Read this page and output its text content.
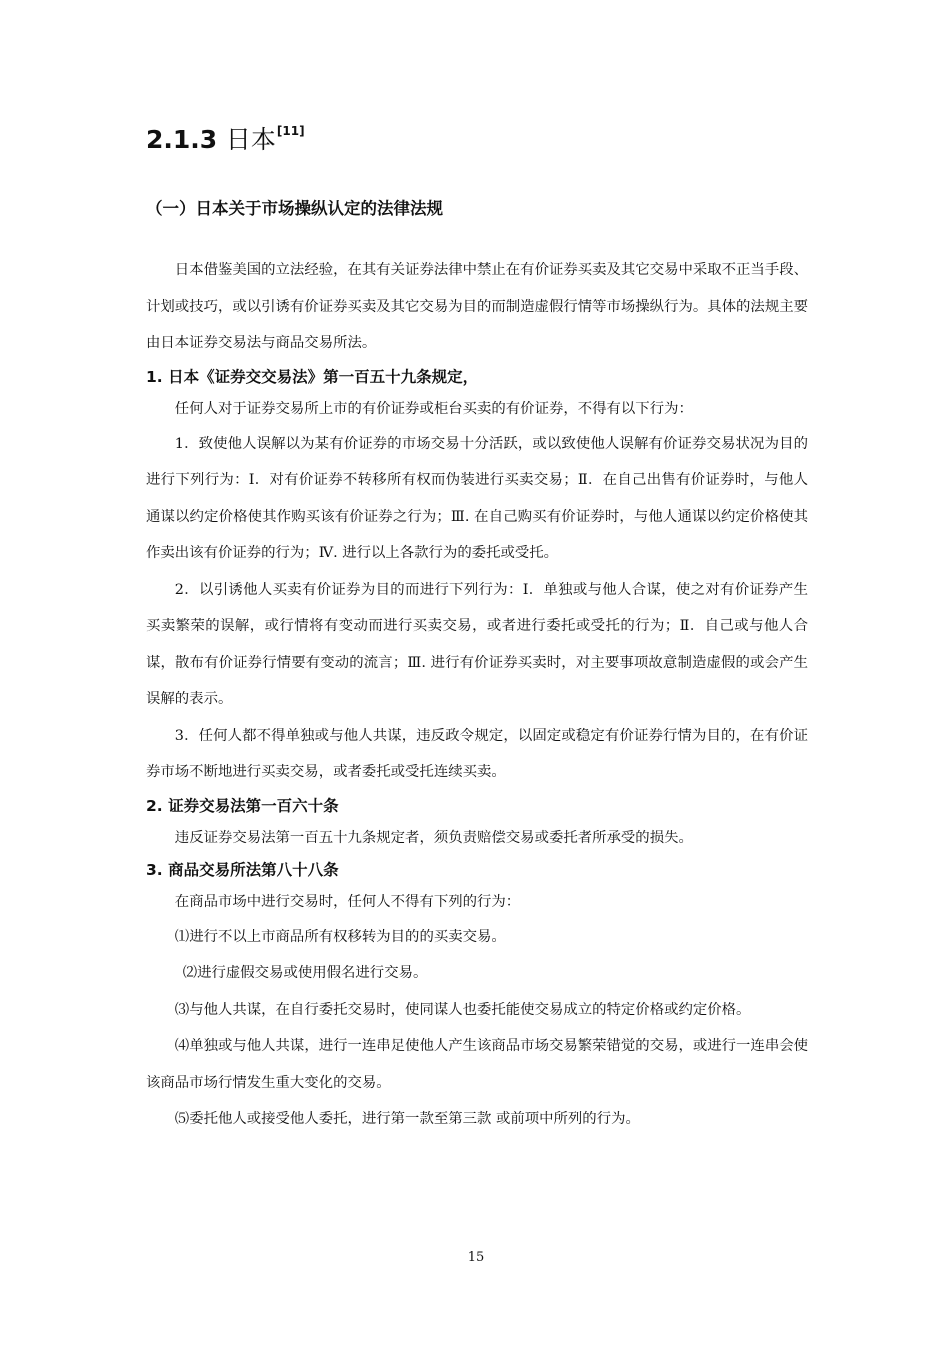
2.1.3 日本[11]
（一）日本关于市场操纵认定的法律法规

日本借鉴美国的立法经验，在其有关证券法律中禁止在有价证券买卖及其它交易中采取不正当手段、计划或技巧，或以引诱有价证券买卖及其它交易为目的而制造虚假行情等市场操纵行为。具体的法规主要由日本证券交易法与商品交易所法。

1. 日本《证券交交易法》第一百五十九条规定，

任何人对于证券交易所上市的有价证券或柜台买卖的有价证券，不得有以下行为：

1．致使他人误解以为某有价证券的市场交易十分活跃，或以致使他人误解有价证券交易状况为目的进行下列行为：Ⅰ．对有价证券不转移所有权而伪装进行买卖交易；Ⅱ．在自己出售有价证券时，与他人通谋以约定价格使其作购买该有价证券之行为；Ⅲ. 在自己购买有价证券时，与他人通谋以约定价格使其作卖出该有价证券的行为；Ⅳ. 进行以上各款行为的委托或受托。

2．以引诱他人买卖有价证券为目的而进行下列行为：Ⅰ．单独或与他人合谋，使之对有价证券产生买卖繁荣的误解，或行情将有变动而进行买卖交易，或者进行委托或受托的行为；Ⅱ．自己或与他人合谋，散布有价证券行情要有变动的流言；Ⅲ. 进行有价证券买卖时，对主要事项故意制造虚假的或会产生误解的表示。

3．任何人都不得单独或与他人共谋，违反政令规定，以固定或稳定有价证券行情为目的，在有价证券市场不断地进行买卖交易，或者委托或受托连续买卖。

2. 证券交易法第一百六十条

违反证券交易法第一百五十九条规定者，须负责赔偿交易或委托者所承受的损失。

3. 商品交易所法第八十八条

在商品市场中进行交易时，任何人不得有下列的行为：

⑴进行不以上市商品所有权移转为目的的买卖交易。

⑵进行虚假交易或使用假名进行交易。

⑶与他人共谋，在自行委托交易时，使同谋人也委托能使交易成立的特定价格或约定价格。

⑷单独或与他人共谋，进行一连串足使他人产生该商品市场交易繁荣错觉的交易，或进行一连串会使该商品市场行情发生重大变化的交易。

⑸委托他人或接受他人委托，进行第一款至第三款 或前项中所列的行为。

15
